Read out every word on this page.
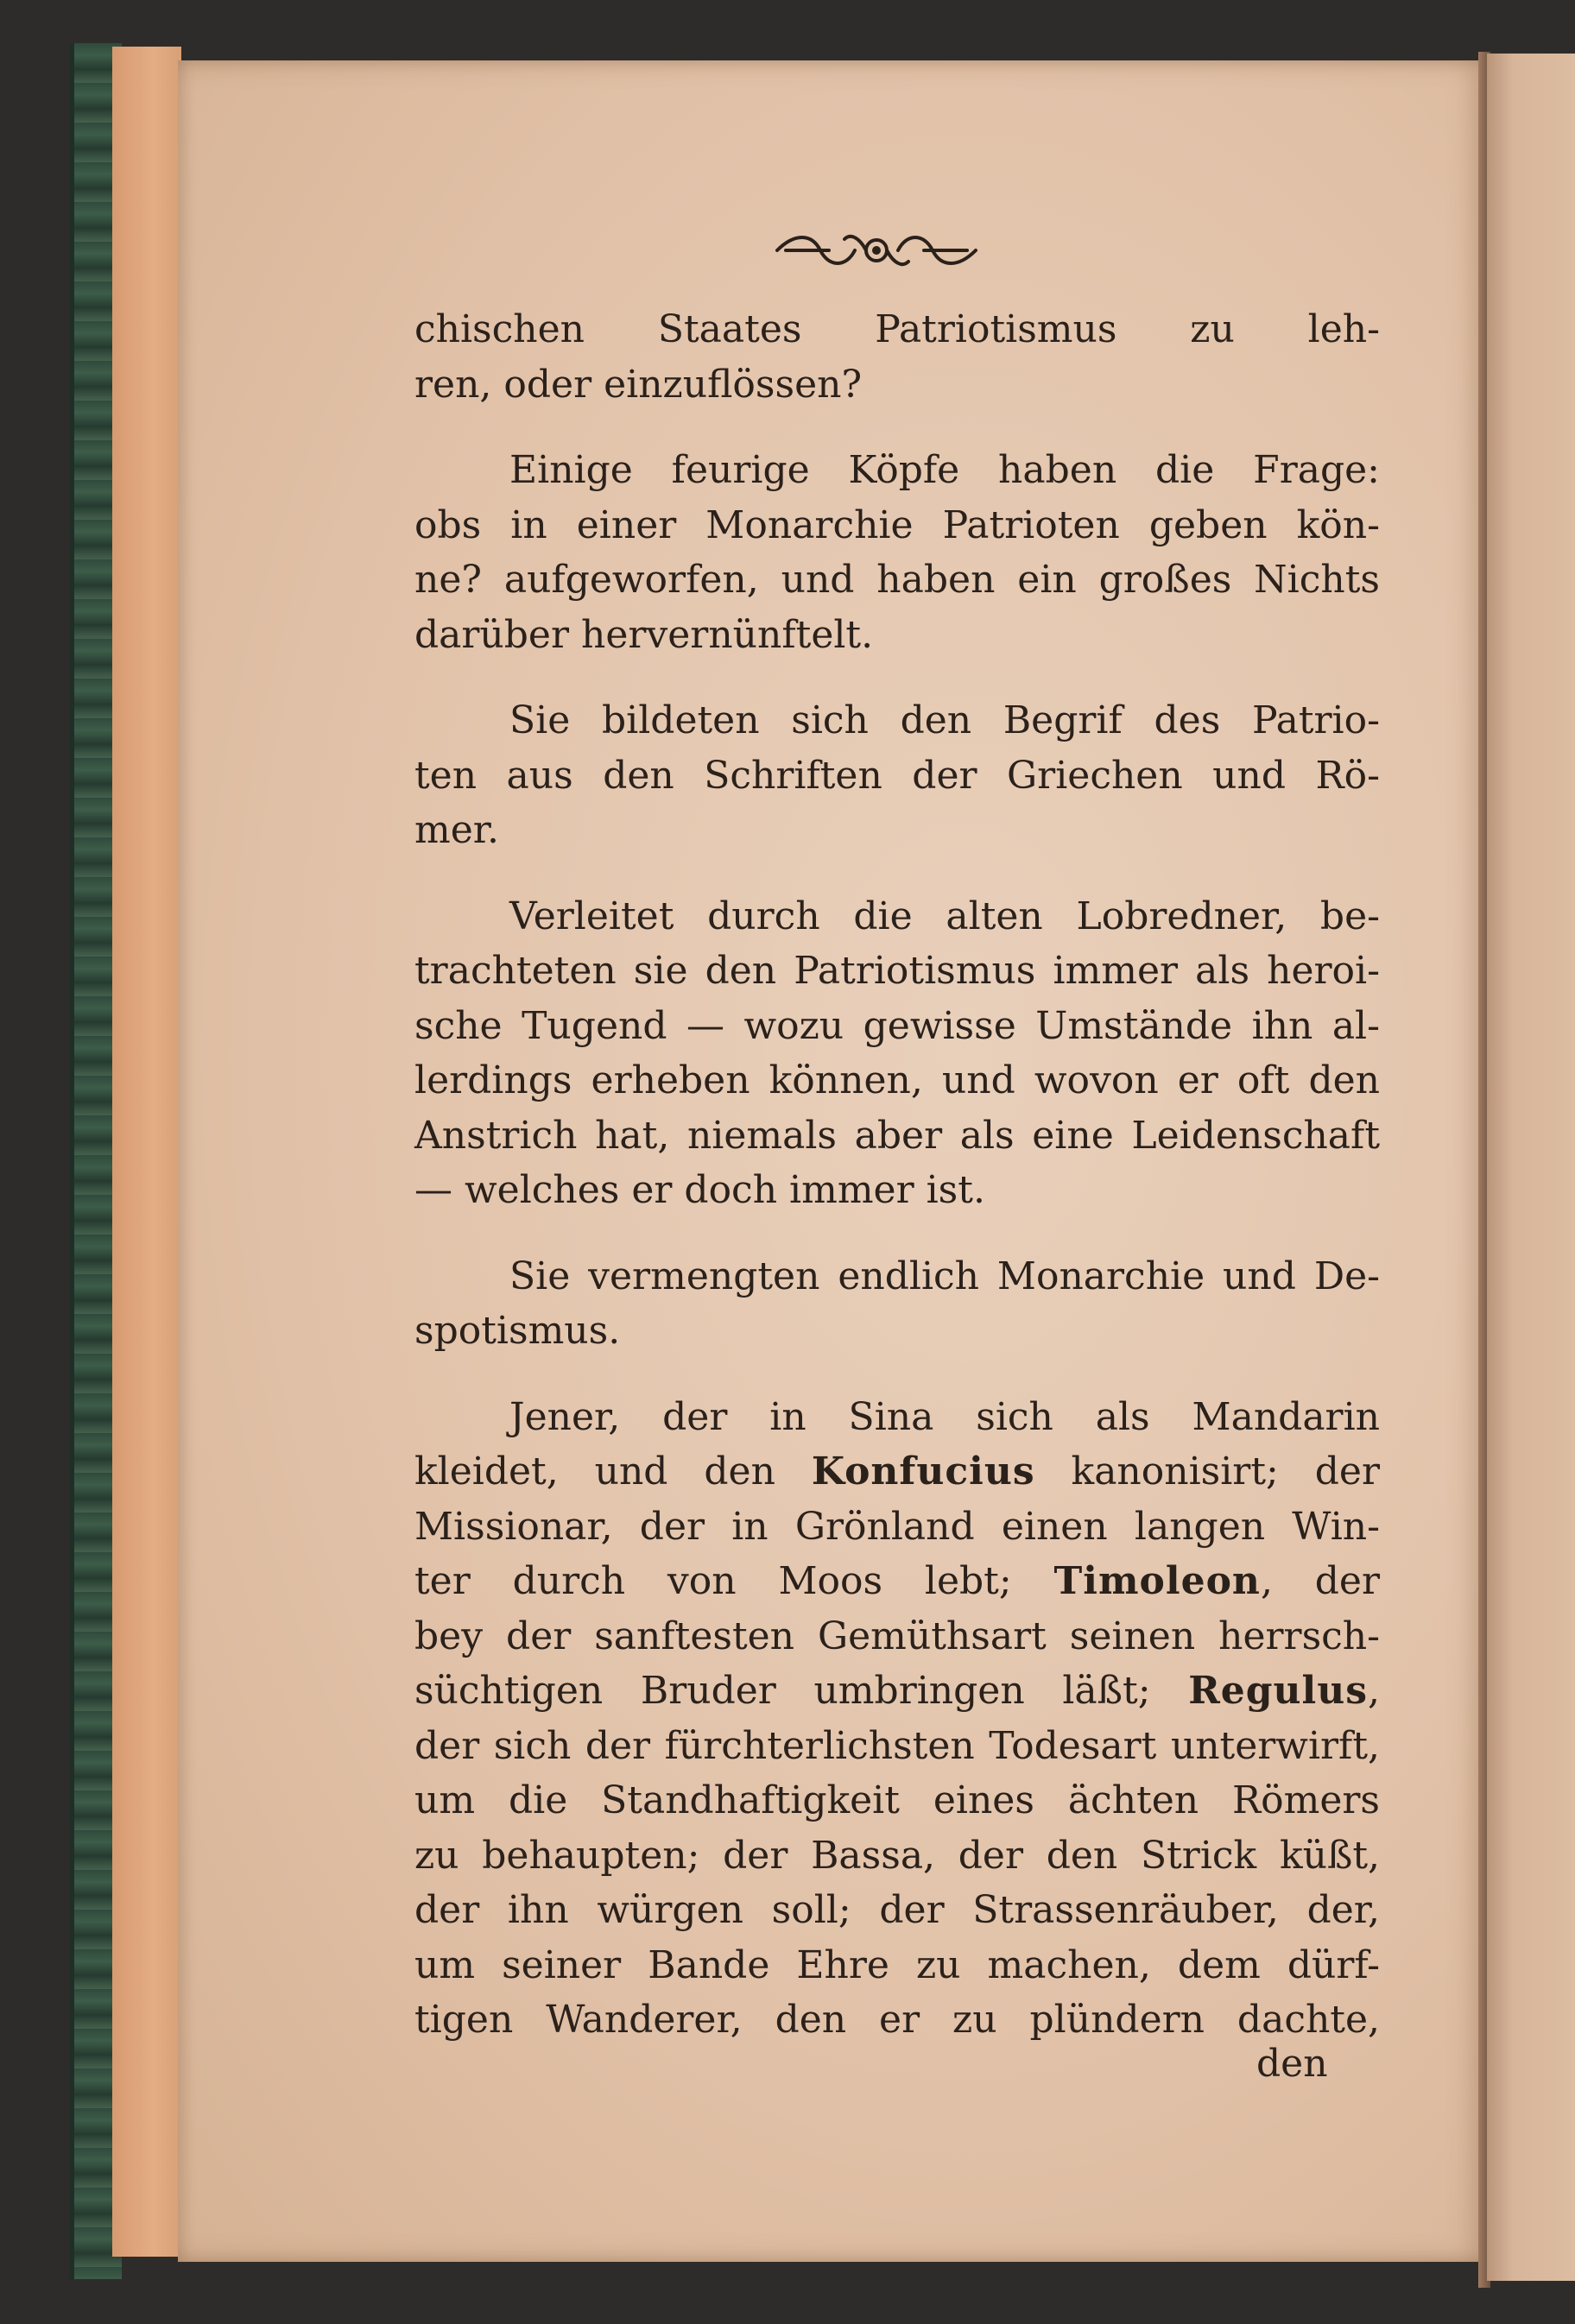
chischen Staates Patriotismus zu leh-
ren, oder einzuflössen?
Einige feurige Köpfe haben die Frage:
obs in einer Monarchie Patrioten geben kön-
ne? aufgeworfen, und haben ein großes Nichts
darüber hervernünftelt.
Sie bildeten sich den Begrif des Patrio-
ten aus den Schriften der Griechen und Rö-
mer.
Verleitet durch die alten Lobredner, be-
trachteten sie den Patriotismus immer als heroi-
sche Tugend — wozu gewisse Umstände ihn al-
lerdings erheben können, und wovon er oft den
Anstrich hat, niemals aber als eine Leidenschaft
— welches er doch immer ist.
Sie vermengten endlich Monarchie und De-
spotismus.
Jener, der in Sina sich als Mandarin
kleidet, und den Konfucius kanonisirt; der
Missionar, der in Grönland einen langen Win-
ter durch von Moos lebt; Timoleon, der
bey der sanftesten Gemüthsart seinen herrsch-
süchtigen Bruder umbringen läßt; Regulus,
der sich der fürchterlichsten Todesart unterwirft,
um die Standhaftigkeit eines ächten Römers
zu behaupten; der Bassa, der den Strick küßt,
der ihn würgen soll; der Strassenräuber, der,
um seiner Bande Ehre zu machen, dem dürf-
tigen Wanderer, den er zu plündern dachte,
den
